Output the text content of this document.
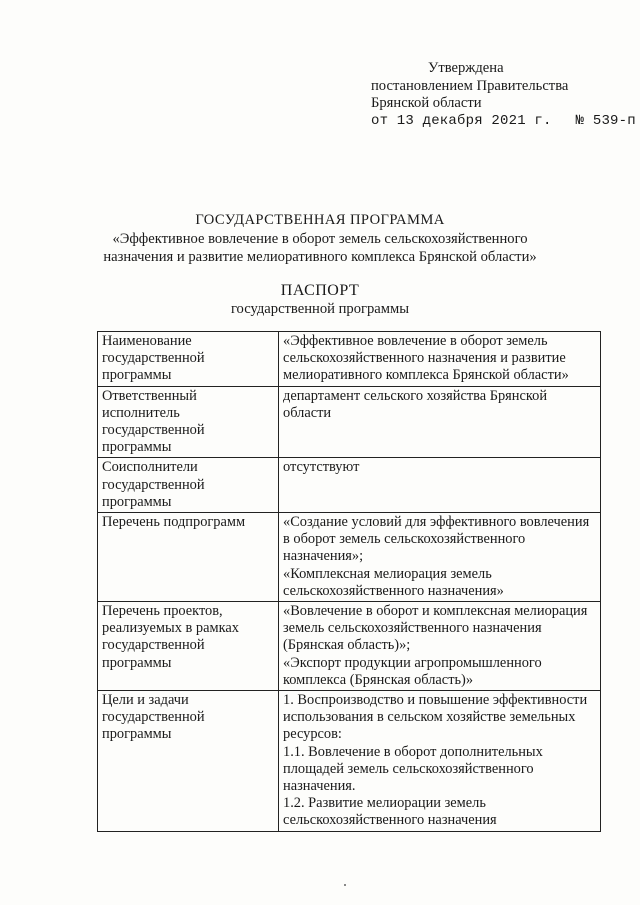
Утверждена
постановлением Правительства
Брянской области
от 13 декабря 2021 г. № 539-п
ГОСУДАРСТВЕННАЯ ПРОГРАММА
«Эффективное вовлечение в оборот земель сельскохозяйственного
назначения и развитие мелиоративного комплекса Брянской области»
ПАСПОРТ
государственной программы
Наименование государственной программы	«Эффективное вовлечение в оборот земель сельскохозяйственного назначения и развитие мелиоративного комплекса Брянской области»

Ответственный исполнитель государственной программы	департамент сельского хозяйства Брянской области

Соисполнители государственной программы	отсутствуют

Перечень подпрограмм	«Создание условий для эффективного вовлечения в оборот земель сельскохозяйственного назначения»;
«Комплексная мелиорация земель сельскохозяйственного назначения»

Перечень проектов, реализуемых в рамках государственной программы	«Вовлечение в оборот и комплексная мелиорация земель сельскохозяйственного назначения (Брянская область)»;
«Экспорт продукции агропромышленного комплекса (Брянская область)»

Цели и задачи государственной программы	1. Воспроизводство и повышение эффективности использования в сельском хозяйстве земельных ресурсов:
1.1. Вовлечение в оборот дополнительных площадей земель сельскохозяйственного назначения.
1.2. Развитие мелиорации земель сельскохозяйственного назначения
